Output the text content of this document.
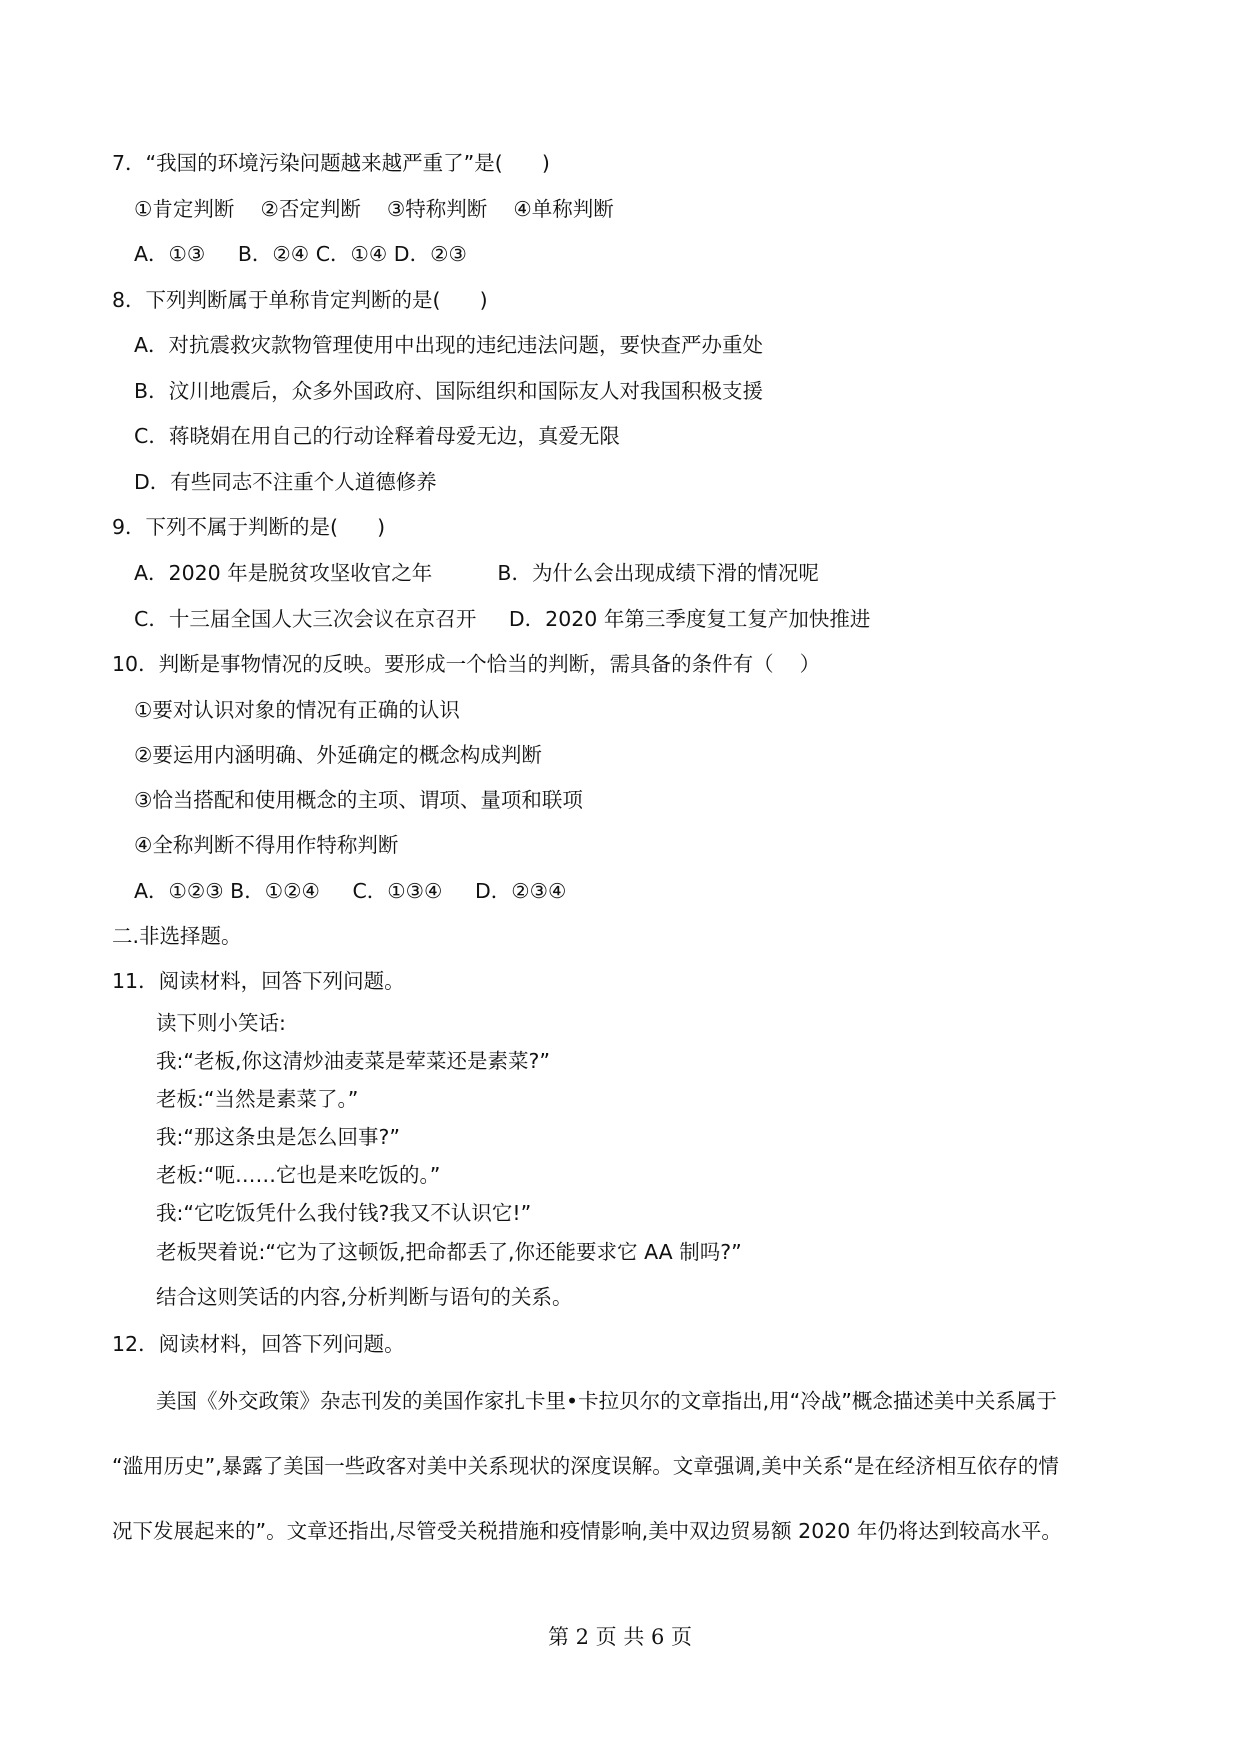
7．“我国的环境污染问题越来越严重了”是(      )
①肯定判断    ②否定判断    ③特称判断    ④单称判断
A．①③     B．②④ C．①④ D．②③
8．下列判断属于单称肯定判断的是(      )
A．对抗震救灾款物管理使用中出现的违纪违法问题，要快查严办重处
B．汶川地震后，众多外国政府、国际组织和国际友人对我国积极支援
C．蒋晓娟在用自己的行动诠释着母爱无边，真爱无限
D．有些同志不注重个人道德修养
9．下列不属于判断的是(      )
A．2020 年是脱贫攻坚收官之年          B．为什么会出现成绩下滑的情况呢
C．十三届全国人大三次会议在京召开     D．2020 年第三季度复工复产加快推进
10．判断是事物情况的反映。要形成一个恰当的判断，需具备的条件有（    ）
①要对认识对象的情况有正确的认识
②要运用内涵明确、外延确定的概念构成判断
③恰当搭配和使用概念的主项、谓项、量项和联项
④全称判断不得用作特称判断
A．①②③ B．①②④     C．①③④     D．②③④
二.非选择题。
11．阅读材料，回答下列问题。
读下则小笑话:
我:“老板,你这清炒油麦菜是荤菜还是素菜?”
老板:“当然是素菜了。”
我:“那这条虫是怎么回事?”
老板:“呃……它也是来吃饭的。”
我:“它吃饭凭什么我付钱?我又不认识它!”
老板哭着说:“它为了这顿饭,把命都丢了,你还能要求它 AA 制吗?”
结合这则笑话的内容,分析判断与语句的关系。
12．阅读材料，回答下列问题。
美国《外交政策》杂志刊发的美国作家扎卡里•卡拉贝尔的文章指出,用“冷战”概念描述美中关系属于
“滥用历史”,暴露了美国一些政客对美中关系现状的深度误解。文章强调,美中关系“是在经济相互依存的情
况下发展起来的”。文章还指出,尽管受关税措施和疫情影响,美中双边贸易额 2020 年仍将达到较高水平。
第 2 页 共 6 页
